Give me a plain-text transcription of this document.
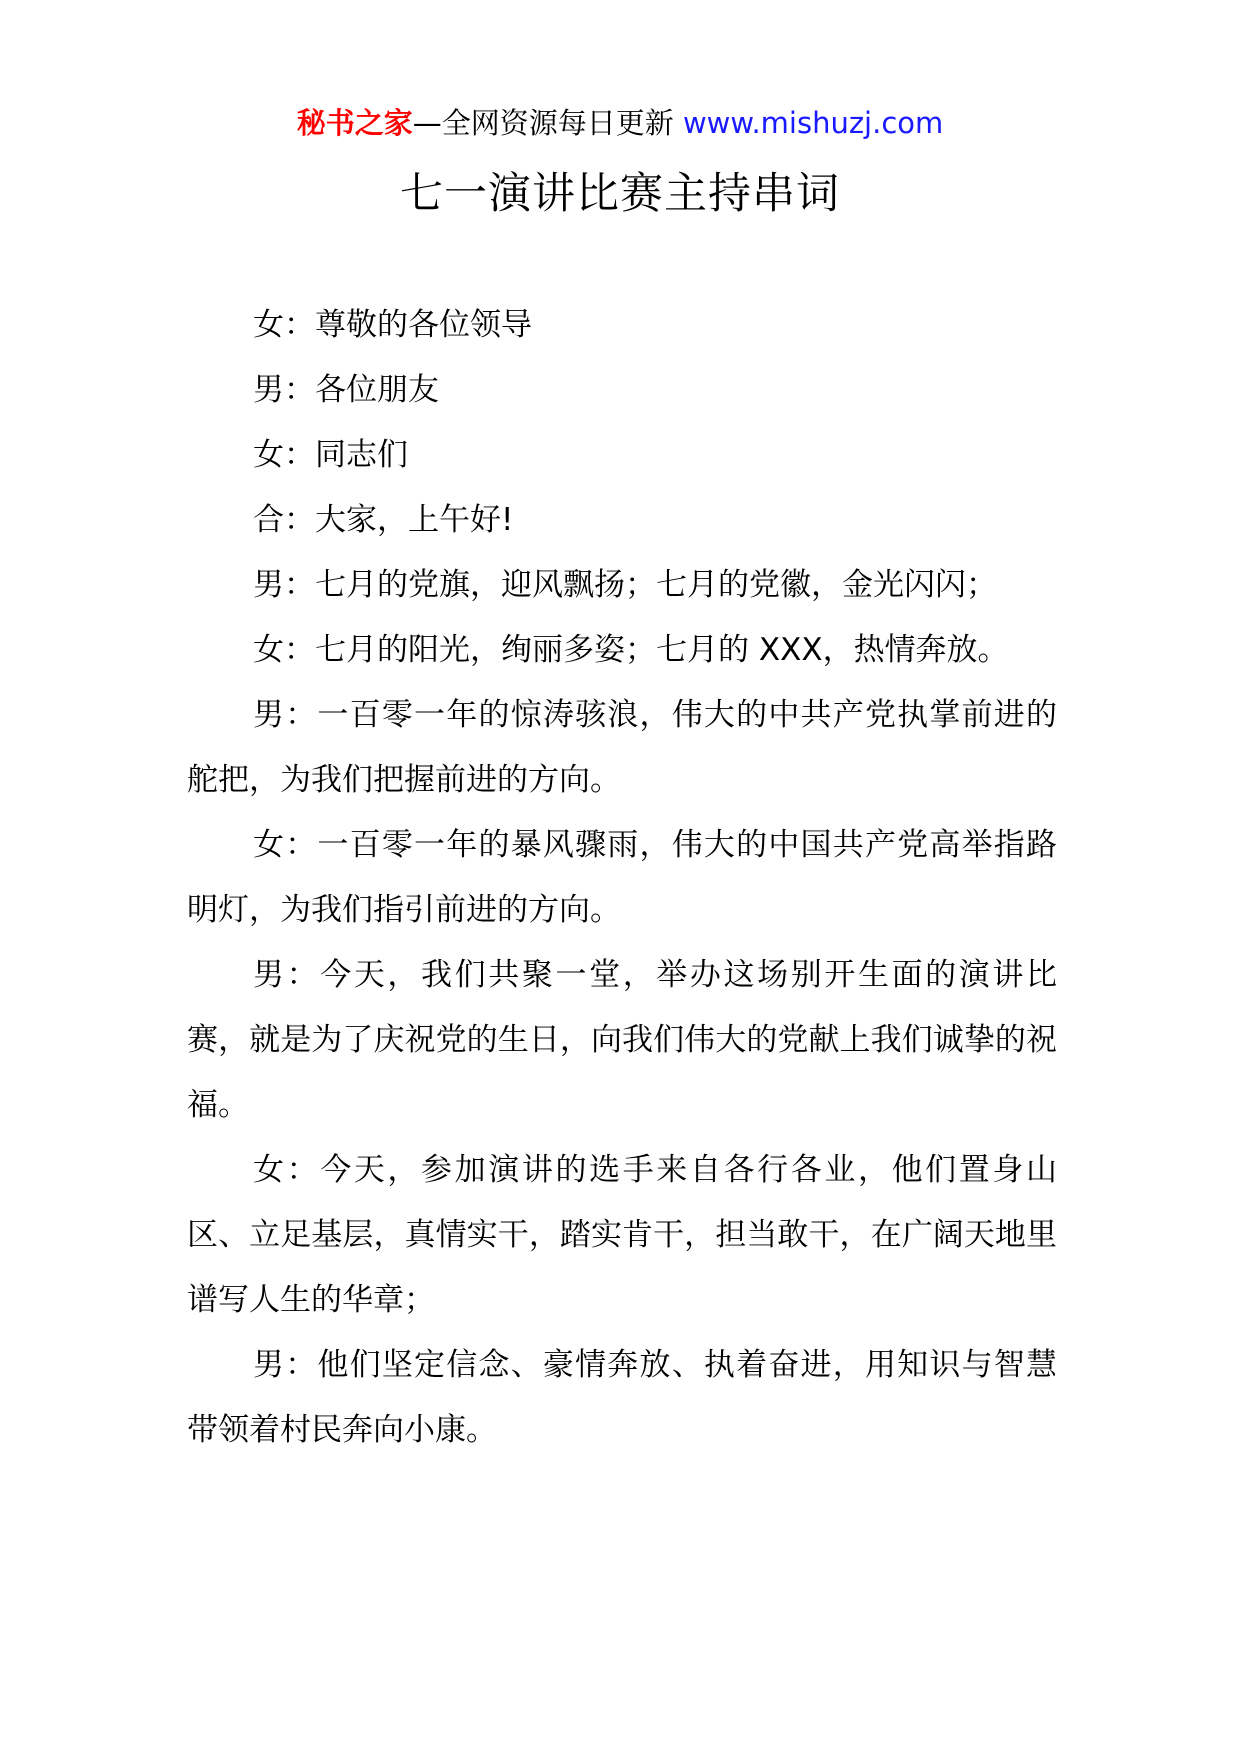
秘书之家—全网资源每日更新 www.mishuzj.com
七一演讲比赛主持串词

女：尊敬的各位领导

男：各位朋友

女：同志们

合：大家，上午好!

男：七月的党旗，迎风飘扬；七月的党徽，金光闪闪；

女：七月的阳光，绚丽多姿；七月的 XXX，热情奔放。

男：一百零一年的惊涛骇浪，伟大的中共产党执掌前进的舵把，为我们把握前进的方向。

女：一百零一年的暴风骤雨，伟大的中国共产党高举指路明灯，为我们指引前进的方向。

男：今天，我们共聚一堂，举办这场别开生面的演讲比赛，就是为了庆祝党的生日，向我们伟大的党献上我们诚挚的祝福。

女：今天，参加演讲的选手来自各行各业，他们置身山区、立足基层，真情实干，踏实肯干，担当敢干，在广阔天地里谱写人生的华章；

男：他们坚定信念、豪情奔放、执着奋进，用知识与智慧带领着村民奔向小康。
